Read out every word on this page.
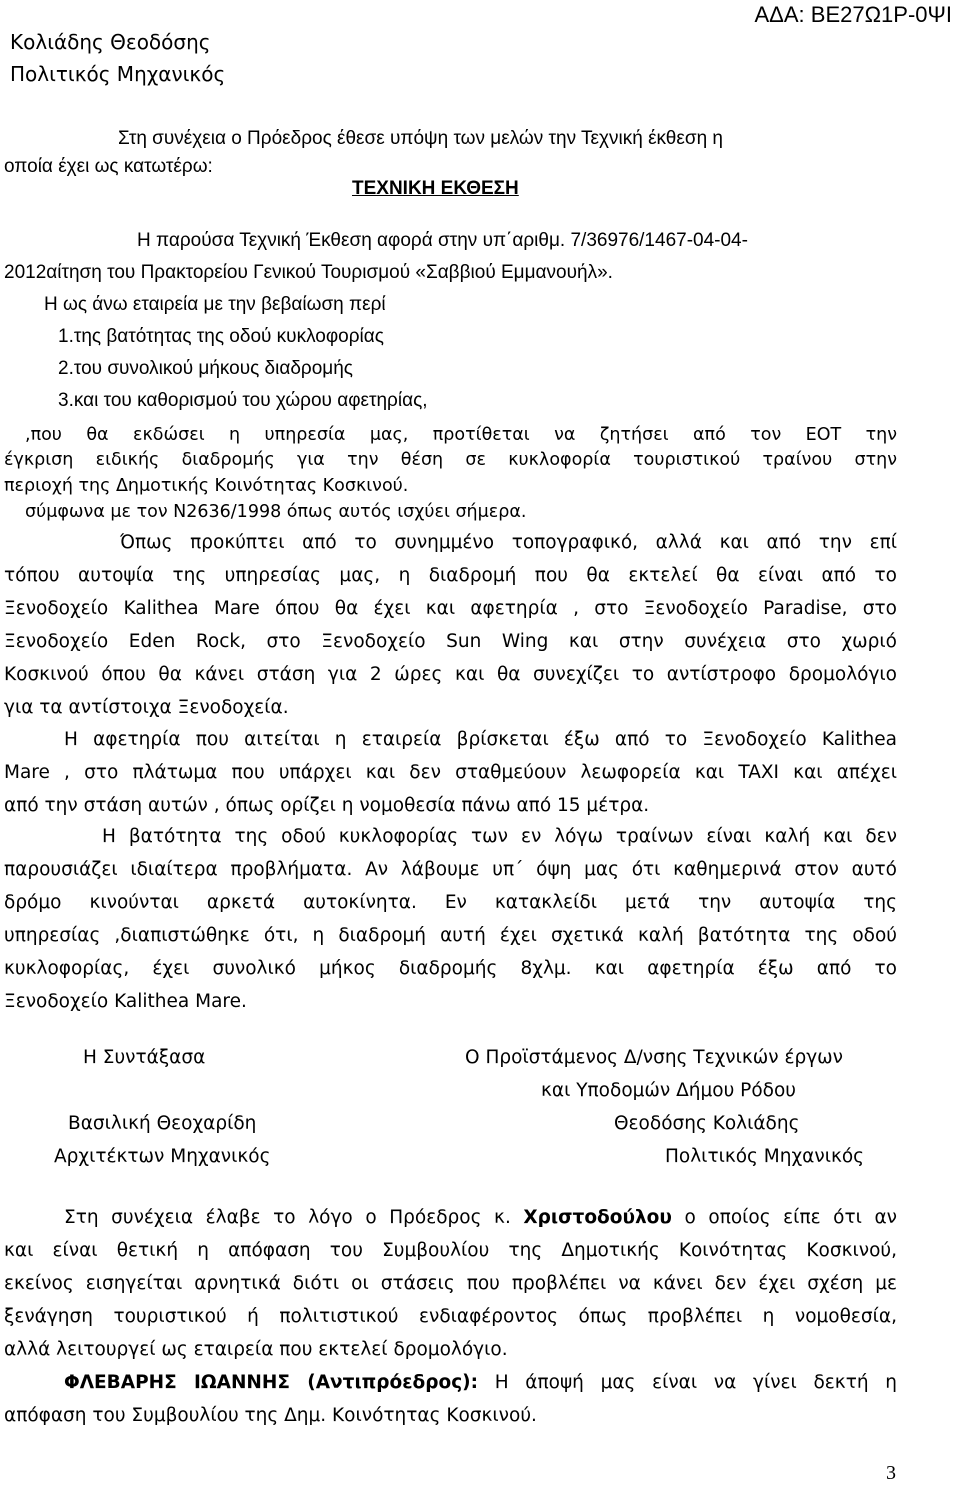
Κολιάδης Θεοδόσης
Πολιτικός Μηχανικός
ΑΔΑ: ΒΕ27Ω1Ρ-0ΨΙ
Στη συνέχεια ο Πρόεδρος έθεσε υπόψη των μελών την Τεχνική έκθεση η
οποία έχει ως κατωτέρω:
ΤΕΧΝΙΚΗ ΕΚΘΕΣΗ
Η παρούσα Τεχνική Έκθεση αφορά στην υπ΄αριθμ. 7/36976/1467-04-04-
2012αίτηση του Πρακτορείου Γενικού Τουρισμού «Σαββιού Εμμανουήλ».
Η ως άνω εταιρεία με την βεβαίωση περί
1.της βατότητας της οδού κυκλοφορίας
2.του συνολικού μήκους διαδρομής
3.και του καθορισμού του χώρου αφετηρίας,
,που θα εκδώσει η υπηρεσία μας, προτίθεται να ζητήσει από τον ΕΟΤ την
έγκριση ειδικής διαδρομής για την θέση σε κυκλοφορία τουριστικού τραίνου στην
περιοχή της Δημοτικής Κοινότητας Κοσκινού.
σύμφωνα με τον Ν2636/1998 όπως αυτός ισχύει σήμερα.
Όπως προκύπτει από το συνημμένο τοπογραφικό, αλλά και από την επί
τόπου αυτοψία της υπηρεσίας μας, η διαδρομή που θα εκτελεί θα είναι από το
Ξενοδοχείο Kalithea Mare όπου θα έχει και αφετηρία , στο Ξενοδοχείο Paradise, στο
Ξενοδοχείο Eden Rock, στο Ξενοδοχείο Sun Wing και στην συνέχεια στο χωριό
Κοσκινού όπου θα κάνει στάση για 2 ώρες και θα συνεχίζει το αντίστροφο δρομολόγιο
για τα αντίστοιχα Ξενοδοχεία.
Η αφετηρία που αιτείται η εταιρεία βρίσκεται έξω από το Ξενοδοχείο Kalithea
Mare , στο πλάτωμα που υπάρχει και δεν σταθμεύουν λεωφορεία και TAXI και απέχει
από την στάση αυτών , όπως ορίζει η νομοθεσία πάνω από 15 μέτρα.
Η βατότητα της οδού κυκλοφορίας των εν λόγω τραίνων είναι καλή και δεν
παρουσιάζει ιδιαίτερα προβλήματα. Αν λάβουμε υπ΄ όψη μας ότι καθημερινά στον αυτό
δρόμο κινούνται αρκετά αυτοκίνητα. Εν κατακλείδι μετά την αυτοψία της
υπηρεσίας ,διαπιστώθηκε ότι, η διαδρομή αυτή έχει σχετικά καλή βατότητα της οδού
κυκλοφορίας, έχει συνολικό μήκος διαδρομής 8χλμ. και αφετηρία έξω από το
Ξενοδοχείο Kalithea Mare.
Η Συντάξασα
Βασιλική Θεοχαρίδη
Αρχιτέκτων Μηχανικός
Ο Προϊστάμενος Δ/νσης Τεχνικών έργων
και Υποδομών Δήμου Ρόδου
Θεοδόσης Κολιάδης
Πολιτικός Μηχανικός
Στη συνέχεια έλαβε το λόγο ο Πρόεδρος κ. Χριστοδούλου ο οποίος είπε ότι αν
και είναι θετική η απόφαση του Συμβουλίου της Δημοτικής Κοινότητας Κοσκινού,
εκείνος εισηγείται αρνητικά διότι οι στάσεις που προβλέπει να κάνει δεν έχει σχέση με
ξενάγηση τουριστικού ή πολιτιστικού ενδιαφέροντος όπως προβλέπει η νομοθεσία,
αλλά λειτουργεί ως εταιρεία που εκτελεί δρομολόγιο.
ΦΛΕΒΑΡΗΣ ΙΩΑΝΝΗΣ (Αντιπρόεδρος): Η άποψή μας είναι να γίνει δεκτή η
απόφαση του Συμβουλίου της Δημ. Κοινότητας Κοσκινού.
3
